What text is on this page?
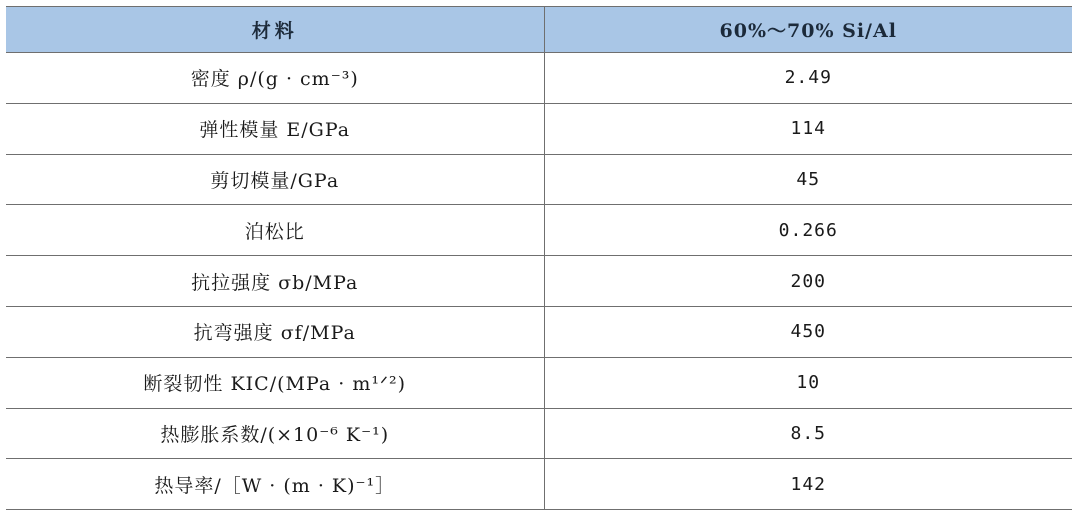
材料	60%～70% Si/Al
密度 ρ/(g · cm⁻³)	2.49
弹性模量 E/GPa	114
剪切模量/GPa	45
泊松比	0.266
抗拉强度 σb/MPa	200
抗弯强度 σf/MPa	450
断裂韧性 KIC/(MPa · m¹ᐟ²)	10
热膨胀系数/(×10⁻⁶ K⁻¹)	8.5
热导率/［W · (m · K)⁻¹］	142
